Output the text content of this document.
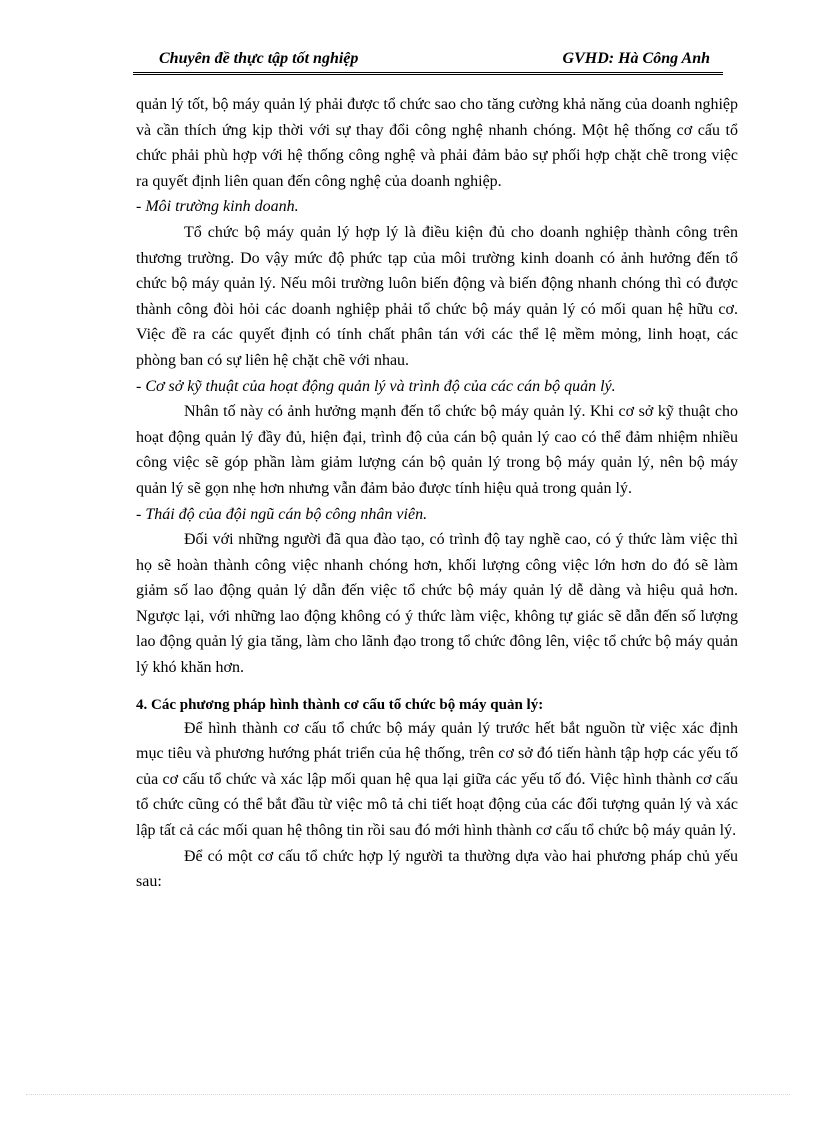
Chuyên đề thực tập tốt nghiệp	GVHD: Hà Công Anh

quản lý tốt, bộ máy quản lý phải được tổ chức sao cho tăng cường khả năng của doanh nghiệp và cần thích ứng kịp thời với sự thay đổi công nghệ nhanh chóng. Một hệ thống cơ cấu tổ chức phải phù hợp với hệ thống công nghệ và phải đảm bảo sự phối hợp chặt chẽ trong việc ra quyết định liên quan đến công nghệ của doanh nghiệp.

- Môi trường kinh doanh.

Tổ chức bộ máy quản lý hợp lý là điều kiện đủ cho doanh nghiệp thành công trên thương trường. Do vậy mức độ phức tạp của môi trường kinh doanh có ảnh hưởng đến tổ chức bộ máy quản lý. Nếu môi trường luôn biến động và biến động nhanh chóng thì có được thành công đòi hỏi các doanh nghiệp phải tổ chức bộ máy quản lý có mối quan hệ hữu cơ. Việc đề ra các quyết định có tính chất phân tán với các thể lệ mềm mỏng, linh hoạt, các phòng ban có sự liên hệ chặt chẽ với nhau.

- Cơ sở kỹ thuật của hoạt động quản lý và trình độ của các cán bộ quản lý.

Nhân tố này có ảnh hưởng mạnh đến tổ chức bộ máy quản lý. Khi cơ sở kỹ thuật cho hoạt động quản lý đầy đủ, hiện đại, trình độ của cán bộ quản lý cao có thể đảm nhiệm nhiều công việc sẽ góp phần làm giảm lượng cán bộ quản lý trong bộ máy quản lý, nên bộ máy quản lý sẽ gọn nhẹ hơn nhưng vẫn đảm bảo được tính hiệu quả trong quản lý.

- Thái độ của đội ngũ cán bộ công nhân viên.

Đối với những người đã qua đào tạo, có trình độ tay nghề cao, có ý thức làm việc thì họ sẽ hoàn thành công việc nhanh chóng hơn, khối lượng công việc lớn hơn do đó sẽ làm giảm số lao động quản lý dẫn đến việc tổ chức bộ máy quản lý dễ dàng và hiệu quả hơn. Ngược lại, với những lao động không có ý thức làm việc, không tự giác sẽ dẫn đến số lượng lao động quản lý gia tăng, làm cho lãnh đạo trong tổ chức đông lên, việc tổ chức bộ máy quản lý khó khăn hơn.

4. Các phương pháp hình thành cơ cấu tổ chức bộ máy quản lý:

Để hình thành cơ cấu tổ chức bộ máy quản lý trước hết bắt nguồn từ việc xác định mục tiêu và phương hướng phát triển của hệ thống, trên cơ sở đó tiến hành tập hợp các yếu tố của cơ cấu tổ chức và xác lập mối quan hệ qua lại giữa các yếu tố đó. Việc hình thành cơ cấu tổ chức cũng có thể bắt đầu từ việc mô tả chi tiết hoạt động của các đối tượng quản lý và xác lập tất cả các mối quan hệ thông tin rồi sau đó mới hình thành cơ cấu tổ chức bộ máy quản lý.

Để có một cơ cấu tổ chức hợp lý người ta thường dựa vào hai phương pháp chủ yếu sau:
